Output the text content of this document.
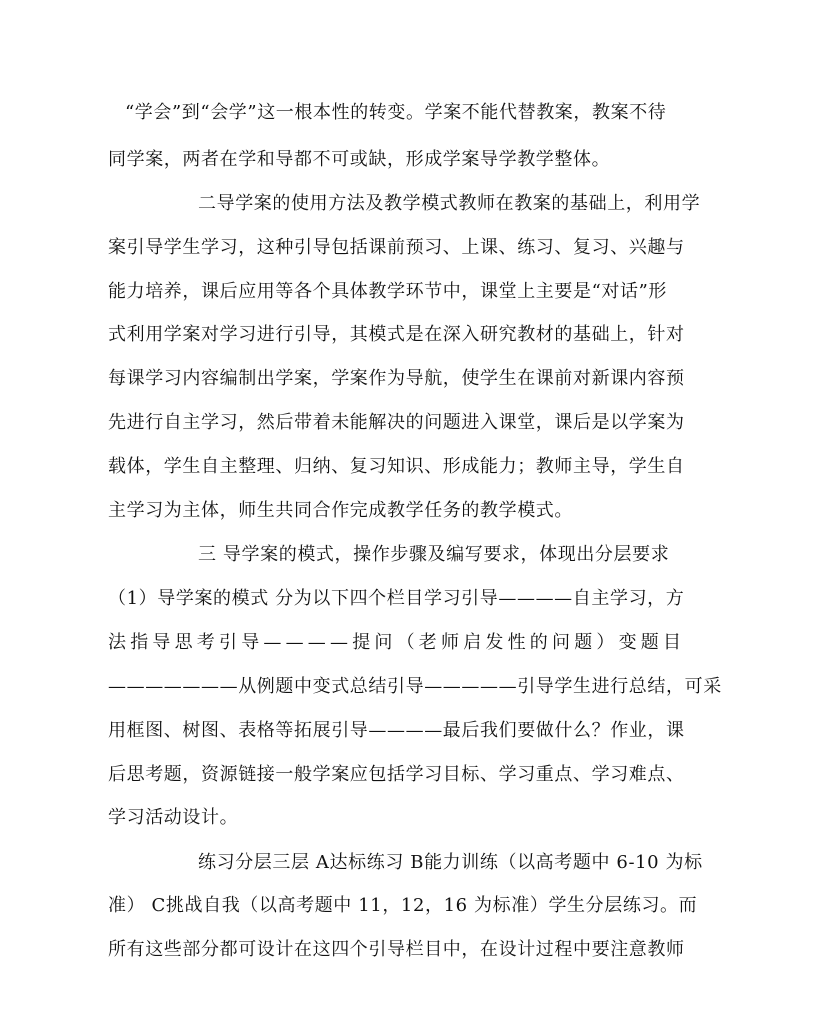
“学会”到“会学”这一根本性的转变。学案不能代替教案，教案不待

同学案，两者在学和导都不可或缺，形成学案导学教学整体。

二导学案的使用方法及教学模式教师在教案的基础上，利用学

案引导学生学习，这种引导包括课前预习、上课、练习、复习、兴趣与

能力培养，课后应用等各个具体教学环节中，课堂上主要是“对话”形

式利用学案对学习进行引导，其模式是在深入研究教材的基础上，针对

每课学习内容编制出学案，学案作为导航，使学生在课前对新课内容预

先进行自主学习，然后带着未能解决的问题进入课堂，课后是以学案为

载体，学生自主整理、归纳、复习知识、形成能力；教师主导，学生自

主学习为主体，师生共同合作完成教学任务的教学模式。

三 导学案的模式，操作步骤及编写要求，体现出分层要求

（1）导学案的模式 分为以下四个栏目学习引导————自主学习，方

法指导思考引导————提问（老师启发性的问题）变题目

———————从例题中变式总结引导—————引导学生进行总结，可采

用框图、树图、表格等拓展引导————最后我们要做什么？作业，课

后思考题，资源链接一般学案应包括学习目标、学习重点、学习难点、

学习活动设计。

练习分层三层 A达标练习 B能力训练（以高考题中 6-10 为标

准） C挑战自我（以高考题中 11，12，16 为标准）学生分层练习。而

所有这些部分都可设计在这四个引导栏目中，在设计过程中要注意教师
